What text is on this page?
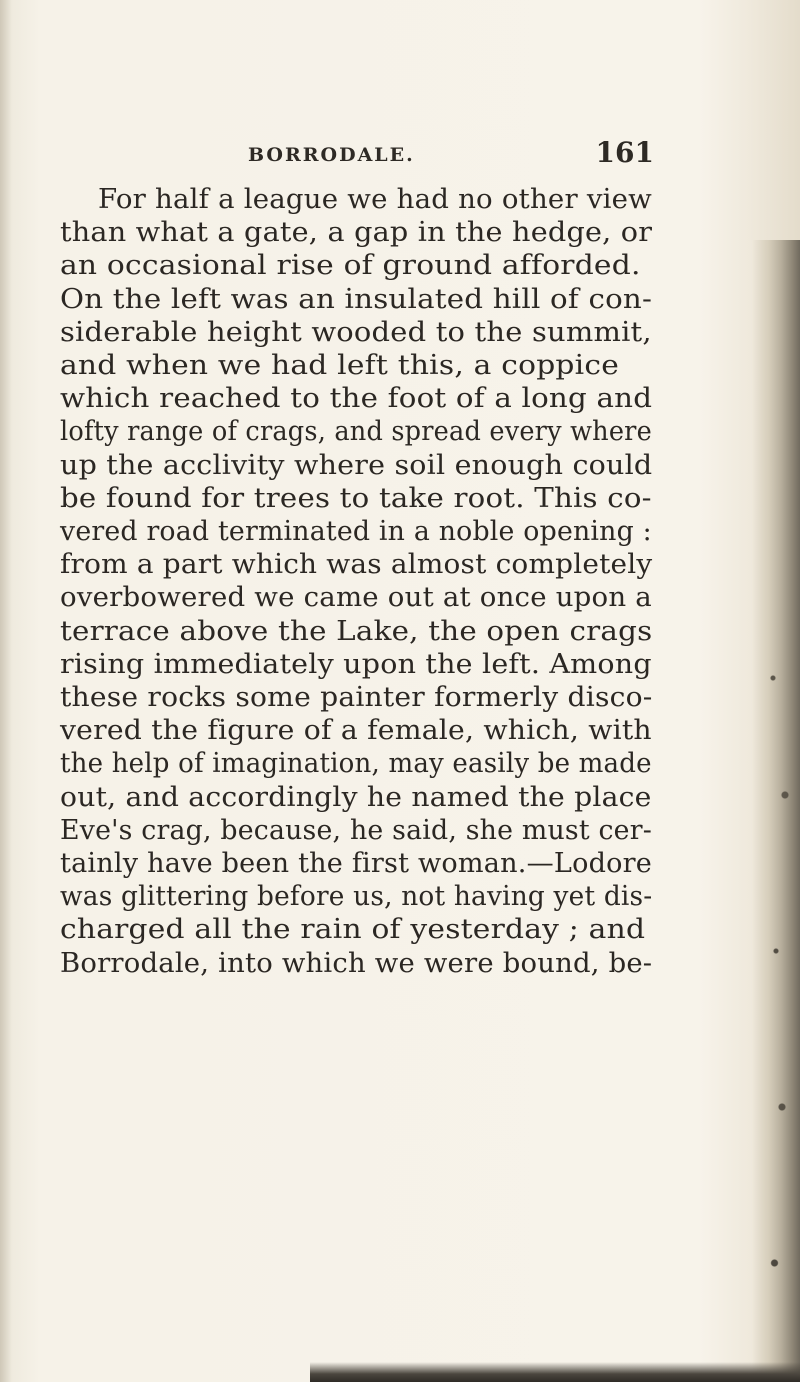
BORRODALE.	161
For half a league we had no other view
than what a gate, a gap in the hedge, or
an occasional rise of ground afforded.
On the left was an insulated hill of con-
siderable height wooded to the summit,
and when we had left this, a coppice
which reached to the foot of a long and
lofty range of crags, and spread every where
up the acclivity where soil enough could
be found for trees to take root. This co-
vered road terminated in a noble opening :
from a part which was almost completely
overbowered we came out at once upon a
terrace above the Lake, the open crags
rising immediately upon the left. Among
these rocks some painter formerly disco-
vered the figure of a female, which, with
the help of imagination, may easily be made
out, and accordingly he named the place
Eve's crag, because, he said, she must cer-
tainly have been the first woman.—Lodore
was glittering before us, not having yet dis-
charged all the rain of yesterday ; and
Borrodale, into which we were bound, be-
